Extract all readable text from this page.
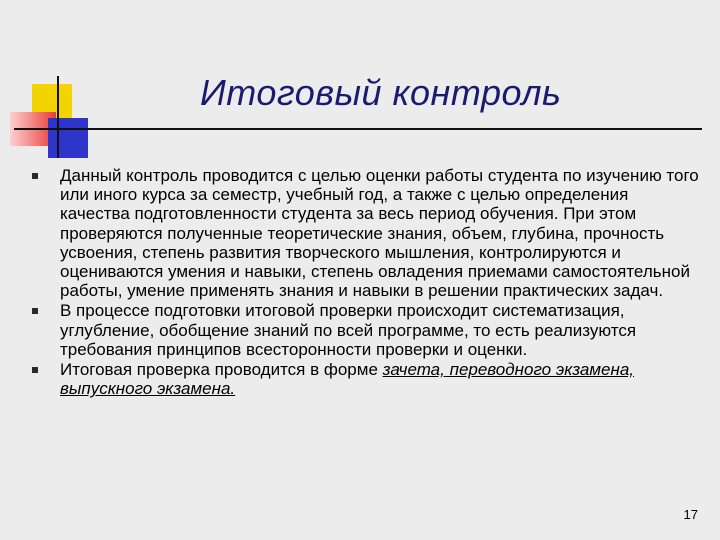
Итоговый контроль
Данный контроль проводится с целью оценки работы студента по изучению того или иного курса за семестр, учебный год, а также с целью определения качества подготовленности студента за весь период обучения. При этом проверяются полученные теоретические знания, объем, глубина, прочность усвоения, степень развития творческого мышления, контролируются и оцениваются умения и навыки, степень овладения приемами самостоятельной работы, умение применять знания и навыки в решении практических задач.
В процессе подготовки итоговой проверки происходит систематизация, углубление, обобщение знаний по всей программе, то есть реализуются требования принципов всесторонности проверки и оценки.
Итоговая проверка проводится в форме зачета, переводного экзамена, выпускного экзамена.
17
